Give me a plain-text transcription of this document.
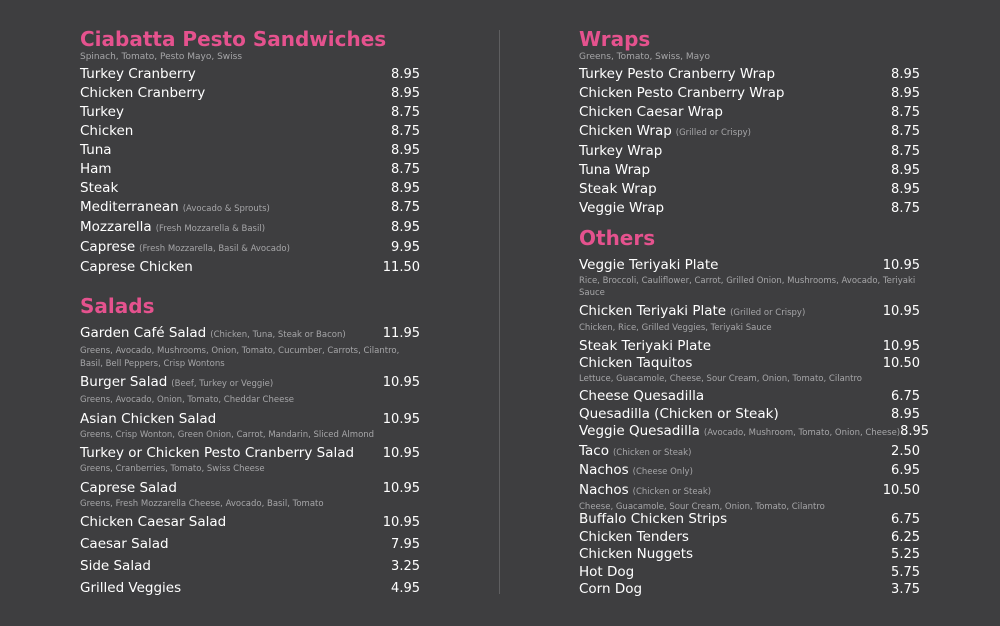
Ciabatta Pesto Sandwiches
Spinach, Tomato, Pesto Mayo, Swiss
Turkey Cranberry	8.95
Chicken Cranberry	8.95
Turkey	8.75
Chicken	8.75
Tuna	8.95
Ham	8.75
Steak	8.95
Mediterranean (Avocado & Sprouts)	8.75
Mozzarella (Fresh Mozzarella & Basil)	8.95
Caprese (Fresh Mozzarella, Basil & Avocado)	9.95
Caprese Chicken	11.50
Salads
Garden Café Salad (Chicken, Tuna, Steak or Bacon)	11.95
Greens, Avocado, Mushrooms, Onion, Tomato, Cucumber, Carrots, Cilantro, Basil, Bell Peppers, Crisp Wontons
Burger Salad (Beef, Turkey or Veggie)	10.95
Greens, Avocado, Onion, Tomato, Cheddar Cheese
Asian Chicken Salad	10.95
Greens, Crisp Wonton, Green Onion, Carrot, Mandarin, Sliced Almond
Turkey or Chicken Pesto Cranberry Salad 10.95
Greens, Cranberries, Tomato, Swiss Cheese
Caprese Salad	10.95
Greens, Fresh Mozzarella Cheese, Avocado, Basil, Tomato
Chicken Caesar Salad	10.95
Caesar Salad	7.95
Side Salad	3.25
Grilled Veggies	4.95
Wraps
Greens, Tomato, Swiss, Mayo
Turkey Pesto Cranberry Wrap	8.95
Chicken Pesto Cranberry Wrap	8.95
Chicken Caesar Wrap	8.75
Chicken Wrap (Grilled or Crispy)	8.75
Turkey Wrap	8.75
Tuna Wrap	8.95
Steak Wrap	8.95
Veggie Wrap	8.75
Others
Veggie Teriyaki Plate	10.95
Rice, Broccoli, Cauliflower, Carrot, Grilled Onion, Mushrooms, Avocado, Teriyaki Sauce
Chicken Teriyaki Plate (Grilled or Crispy)	10.95
Chicken, Rice, Grilled Veggies, Teriyaki Sauce
Steak Teriyaki Plate	10.95
Chicken Taquitos	10.50
Lettuce, Guacamole, Cheese, Sour Cream, Onion, Tomato, Cilantro
Cheese Quesadilla	6.75
Quesadilla (Chicken or Steak)	8.95
Veggie Quesadilla (Avocado, Mushroom, Tomato, Onion, Cheese) 8.95
Taco (Chicken or Steak)	2.50
Nachos (Cheese Only)	6.95
Nachos (Chicken or Steak)	10.50
Cheese, Guacamole, Sour Cream, Onion, Tomato, Cilantro
Buffalo Chicken Strips	6.75
Chicken Tenders	6.25
Chicken Nuggets	5.25
Hot Dog	5.75
Corn Dog	3.75
